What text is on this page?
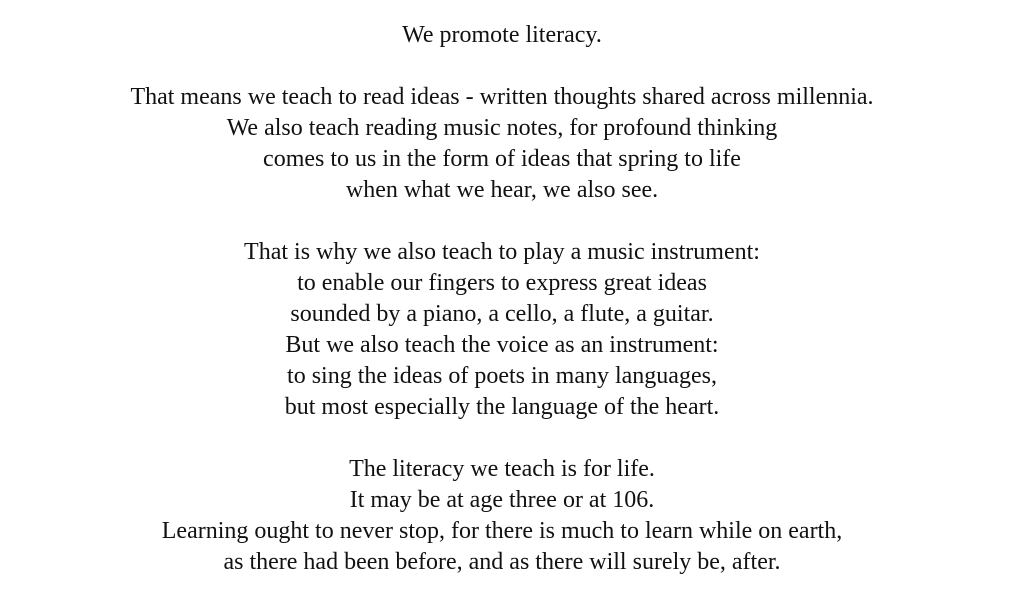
We promote literacy.
That means we teach to read ideas - written thoughts shared across millennia.
We also teach reading music notes, for profound thinking
comes to us in the form of ideas that spring to life
when what we hear, we also see.
That is why we also teach to play a music instrument:
to enable our fingers to express great ideas
sounded by a piano, a cello, a flute, a guitar.
But we also teach the voice as an instrument:
to sing the ideas of poets in many languages,
but most especially the language of the heart.
The literacy we teach is for life.
It may be at age three or at 106.
Learning ought to never stop, for there is much to learn while on earth,
as there had been before, and as there will surely be, after.
